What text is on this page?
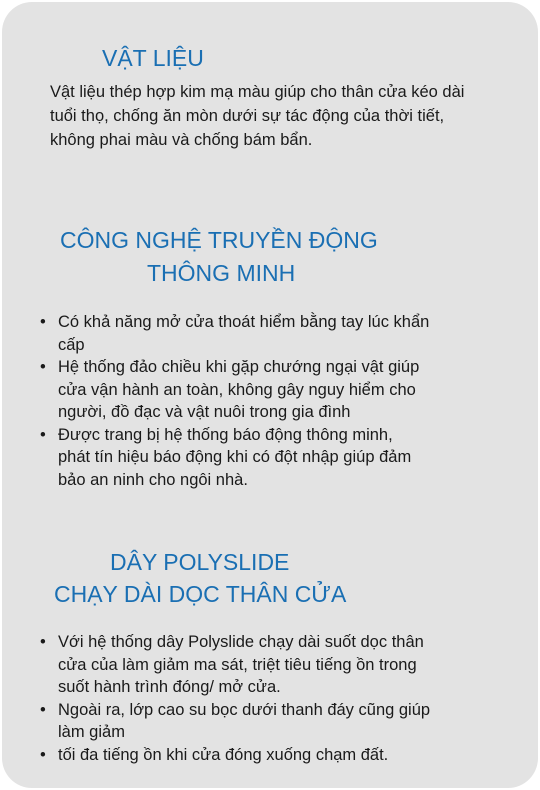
VẬT LIỆU

Vật liệu thép hợp kim mạ màu giúp cho thân cửa kéo dài
tuổi thọ, chống ăn mòn dưới sự tác động của thời tiết,
không phai màu và chống bám bẩn.

CÔNG NGHỆ TRUYỀN ĐỘNG
THÔNG MINH
• Có khả năng mở cửa thoát hiểm bằng tay lúc khẩn
cấp
• Hệ thống đảo chiều khi gặp chướng ngại vật giúp
cửa vận hành an toàn, không gây nguy hiểm cho
người, đồ đạc và vật nuôi trong gia đình
• Được trang bị hệ thống báo động thông minh,
phát tín hiệu báo động khi có đột nhập giúp đảm
bảo an ninh cho ngôi nhà.
DÂY POLYSLIDE
CHẠY DÀI DỌC THÂN CỬA
• Với hệ thống dây Polyslide chạy dài suốt dọc thân
cửa của làm giảm ma sát, triệt tiêu tiếng ồn trong
suốt hành trình đóng/ mở cửa.
• Ngoài ra, lớp cao su bọc dưới thanh đáy cũng giúp
làm giảm
• tối đa tiếng ồn khi cửa đóng xuống chạm đất.
